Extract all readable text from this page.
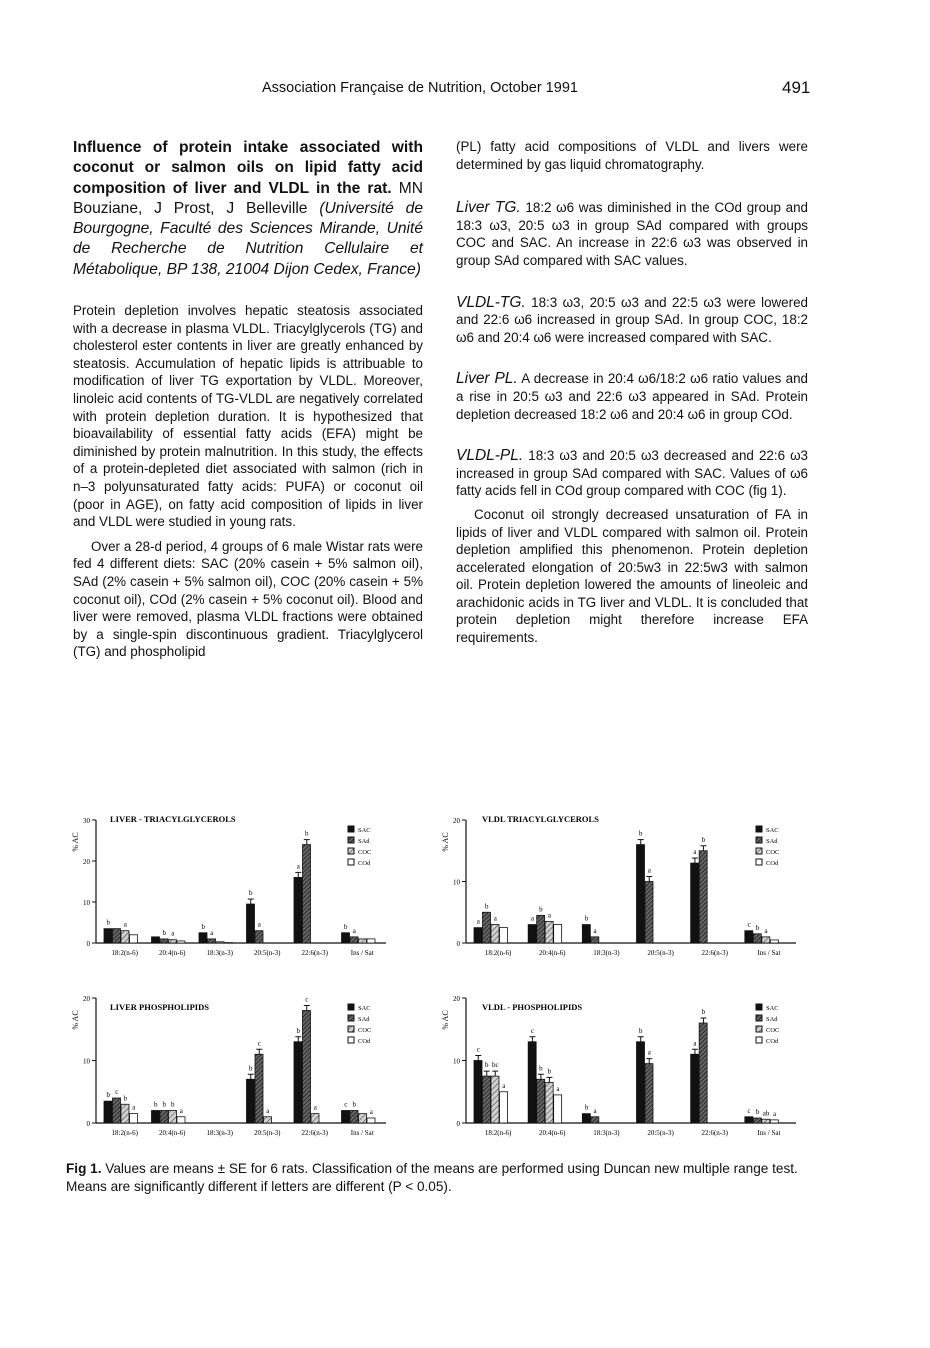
Association Française de Nutrition, October 1991	491
Influence of protein intake associated with coconut or salmon oils on lipid fatty acid composition of liver and VLDL in the rat. MN Bouziane, J Prost, J Belleville (Université de Bourgogne, Faculté des Sciences Mirande, Unité de Recherche de Nutrition Cellulaire et Métabolique, BP 138, 21004 Dijon Cedex, France)

Protein depletion involves hepatic steatosis associated with a decrease in plasma VLDL. Triacylglycerols (TG) and cholesterol ester contents in liver are greatly enhanced by steatosis. Accumulation of hepatic lipids is attribuable to modification of liver TG exportation by VLDL. Moreover, linoleic acid contents of TG-VLDL are negatively correlated with protein depletion duration. It is hypothesized that bioavailability of essential fatty acids (EFA) might be diminished by protein malnutrition. In this study, the effects of a protein-depleted diet associated with salmon (rich in n–3 polyunsaturated fatty acids: PUFA) or coconut oil (poor in AGE), on fatty acid composition of lipids in liver and VLDL were studied in young rats.

Over a 28-d period, 4 groups of 6 male Wistar rats were fed 4 different diets: SAC (20% casein + 5% salmon oil), SAd (2% casein + 5% salmon oil), COC (20% casein + 5% coconut oil), COd (2% casein + 5% coconut oil). Blood and liver were removed, plasma VLDL fractions were obtained by a single-spin discontinuous gradient. Triacylglycerol (TG) and phospholipid

(PL) fatty acid compositions of VLDL and livers were determined by gas liquid chromatography.

Liver TG. 18:2 ω6 was diminished in the COd group and 18:3 ω3, 20:5 ω3 in group SAd compared with groups COC and SAC. An increase in 22:6 ω3 was observed in group SAd compared with SAC values.

VLDL-TG. 18:3 ω3, 20:5 ω3 and 22:5 ω3 were lowered and 22:6 ω6 increased in group SAd. In group COC, 18:2 ω6 and 20:4 ω6 were increased compared with SAC.

Liver PL. A decrease in 20:4 ω6/18:2 ω6 ratio values and a rise in 20:5 ω3 and 22:6 ω3 appeared in SAd. Protein depletion decreased 18:2 ω6 and 20:4 ω6 in group COd.

VLDL-PL. 18:3 ω3 and 20:5 ω3 decreased and 22:6 ω3 increased in group SAd compared with SAC. Values of ω6 fatty acids fell in COd group compared with COC (fig 1).

Coconut oil strongly decreased unsaturation of FA in lipids of liver and VLDL compared with salmon oil. Protein depletion amplified this phenomenon. Protein depletion accelerated elongation of 20:5w3 in 22:5w3 with salmon oil. Protein depletion lowered the amounts of lineoleic and arachidonic acids in TG liver and VLDL. It is concluded that protein depletion might therefore increase EFA requirements.

0
10
20
30
% AC
LIVER - TRIACYLGLYCEROLS
18:2(n-6)	20:4(n-6)	18:3(n-3)	20:5(n-3)	22:6(n-3)	Ins / Sat
b a
b a
b
a
b
a
a
b
b
a
SAC
SAd
COC
COd
0
10
20
% AC
VLDL TRIACYLGLYCEROLS
18:2(n-6)	20:4(n-6)	18:3(n-3)	20:5(n-3)	22:6(n-3)	Ins / Sat
a
b
a	a
b
a	b
a
b
a
a
b
c b a
SAC
SAd
COC
COd
0
10
20
% AC
LIVER PHOSPHOLIPIDS
18:2(n-6)	20:4(n-6)	18:3(n-3)	20:5(n-3)	22:6(n-3)	Ins / Sat
b c
b
a	b b b
a
b
c
a
b
c
a	c b
a
SAC
SAd
COC
COd
0
10
20
% AC
VLDL - PHOSPHOLIPIDS
18:2(n-6)	20:4(n-6)	18:3(n-3)	20:5(n-3)	22:6(n-3)	Ins / Sat
c
b bc
a
c
b b
a
b a
b
a
a
b
c b ab a
SAC
SAd
COC
COd
Fig 1. Values are means ± SE for 6 rats. Classification of the means are performed using Duncan new multiple range test. Means are significantly different if letters are different (P < 0.05).
